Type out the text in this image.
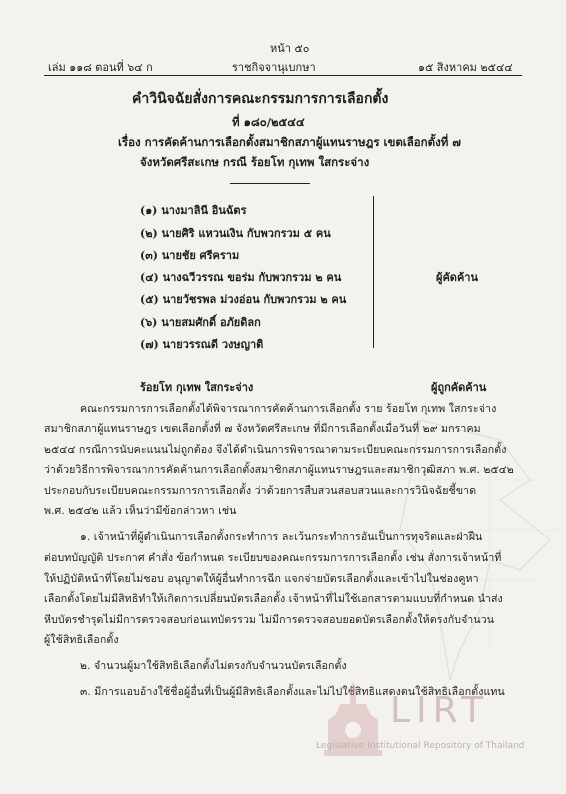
หน้า ๕๐
เล่ม ๑๑๘ ตอนที่ ๖๔ ก	ราชกิจจานุเบกษา	๑๕ สิงหาคม ๒๕๔๔
คำวินิจฉัยสั่งการคณะกรรมการการเลือกตั้ง
ที่ ๑๘๐/๒๕๔๔
เรื่อง การคัดค้านการเลือกตั้งสมาชิกสภาผู้แทนราษฎร เขตเลือกตั้งที่ ๗
จังหวัดศรีสะเกษ กรณี ร้อยโท กุเทพ ใสกระจ่าง
(๑) นางมาลินี อินฉัตร
(๒) นายศิริ แหวนเงิน กับพวกรวม ๕ คน
(๓) นายชัย ศรีคราม
(๔) นางฉวีวรรณ ขอร่ม กับพวกรวม ๒ คน
(๕) นายวัชรพล ม่วงอ่อน กับพวกรวม ๒ คน
(๖) นายสมศักดิ์ อภัยดิลก
(๗) นายวรรณดี วงษญาติ
ผู้คัดค้าน
ร้อยโท กุเทพ ใสกระจ่าง	ผู้ถูกคัดค้าน
คณะกรรมการการเลือกตั้งได้พิจารณาการคัดค้านการเลือกตั้ง ราย ร้อยโท กุเทพ ใสกระจ่าง
สมาชิกสภาผู้แทนราษฎร เขตเลือกตั้งที่ ๗ จังหวัดศรีสะเกษ ที่มีการเลือกตั้งเมื่อวันที่ ๒๙ มกราคม
๒๕๔๔ กรณีการนับคะแนนไม่ถูกต้อง จึงได้ดำเนินการพิจารณาตามระเบียบคณะกรรมการการเลือกตั้ง
ว่าด้วยวิธีการพิจารณาการคัดค้านการเลือกตั้งสมาชิกสภาผู้แทนราษฎรและสมาชิกวุฒิสภา พ.ศ. ๒๕๔๒
ประกอบกับระเบียบคณะกรรมการการเลือกตั้ง ว่าด้วยการสืบสวนสอบสวนและการวินิจฉัยชี้ขาด
พ.ศ. ๒๕๔๒ แล้ว เห็นว่ามีข้อกล่าวหา เช่น
๑. เจ้าหน้าที่ผู้ดำเนินการเลือกตั้งกระทำการ ละเว้นกระทำการอันเป็นการทุจริตและฝ่าฝืน
ต่อบทบัญญัติ ประกาศ คำสั่ง ข้อกำหนด ระเบียบของคณะกรรมการการเลือกตั้ง เช่น สั่งการเจ้าหน้าที่
ให้ปฏิบัติหน้าที่โดยไม่ชอบ อนุญาตให้ผู้อื่นทำการฉีก แจกจ่ายบัตรเลือกตั้งและเข้าไปในช่องคูหา
เลือกตั้งโดยไม่มีสิทธิทำให้เกิดการเปลี่ยนบัตรเลือกตั้ง เจ้าหน้าที่ไม่ใช้เอกสารตามแบบที่กำหนด นำส่ง
หีบบัตรชำรุดไม่มีการตรวจสอบก่อนเทบัตรรวม ไม่มีการตรวจสอบยอดบัตรเลือกตั้งให้ตรงกับจำนวน
ผู้ใช้สิทธิเลือกตั้ง
๒. จำนวนผู้มาใช้สิทธิเลือกตั้งไม่ตรงกับจำนวนบัตรเลือกตั้ง
๓. มีการแอบอ้างใช้ชื่อผู้อื่นที่เป็นผู้มีสิทธิเลือกตั้งและไม่ไปใช้สิทธิแสดงตนใช้สิทธิเลือกตั้งแทน
LIRT
Legislative Institutional Repository of Thailand
